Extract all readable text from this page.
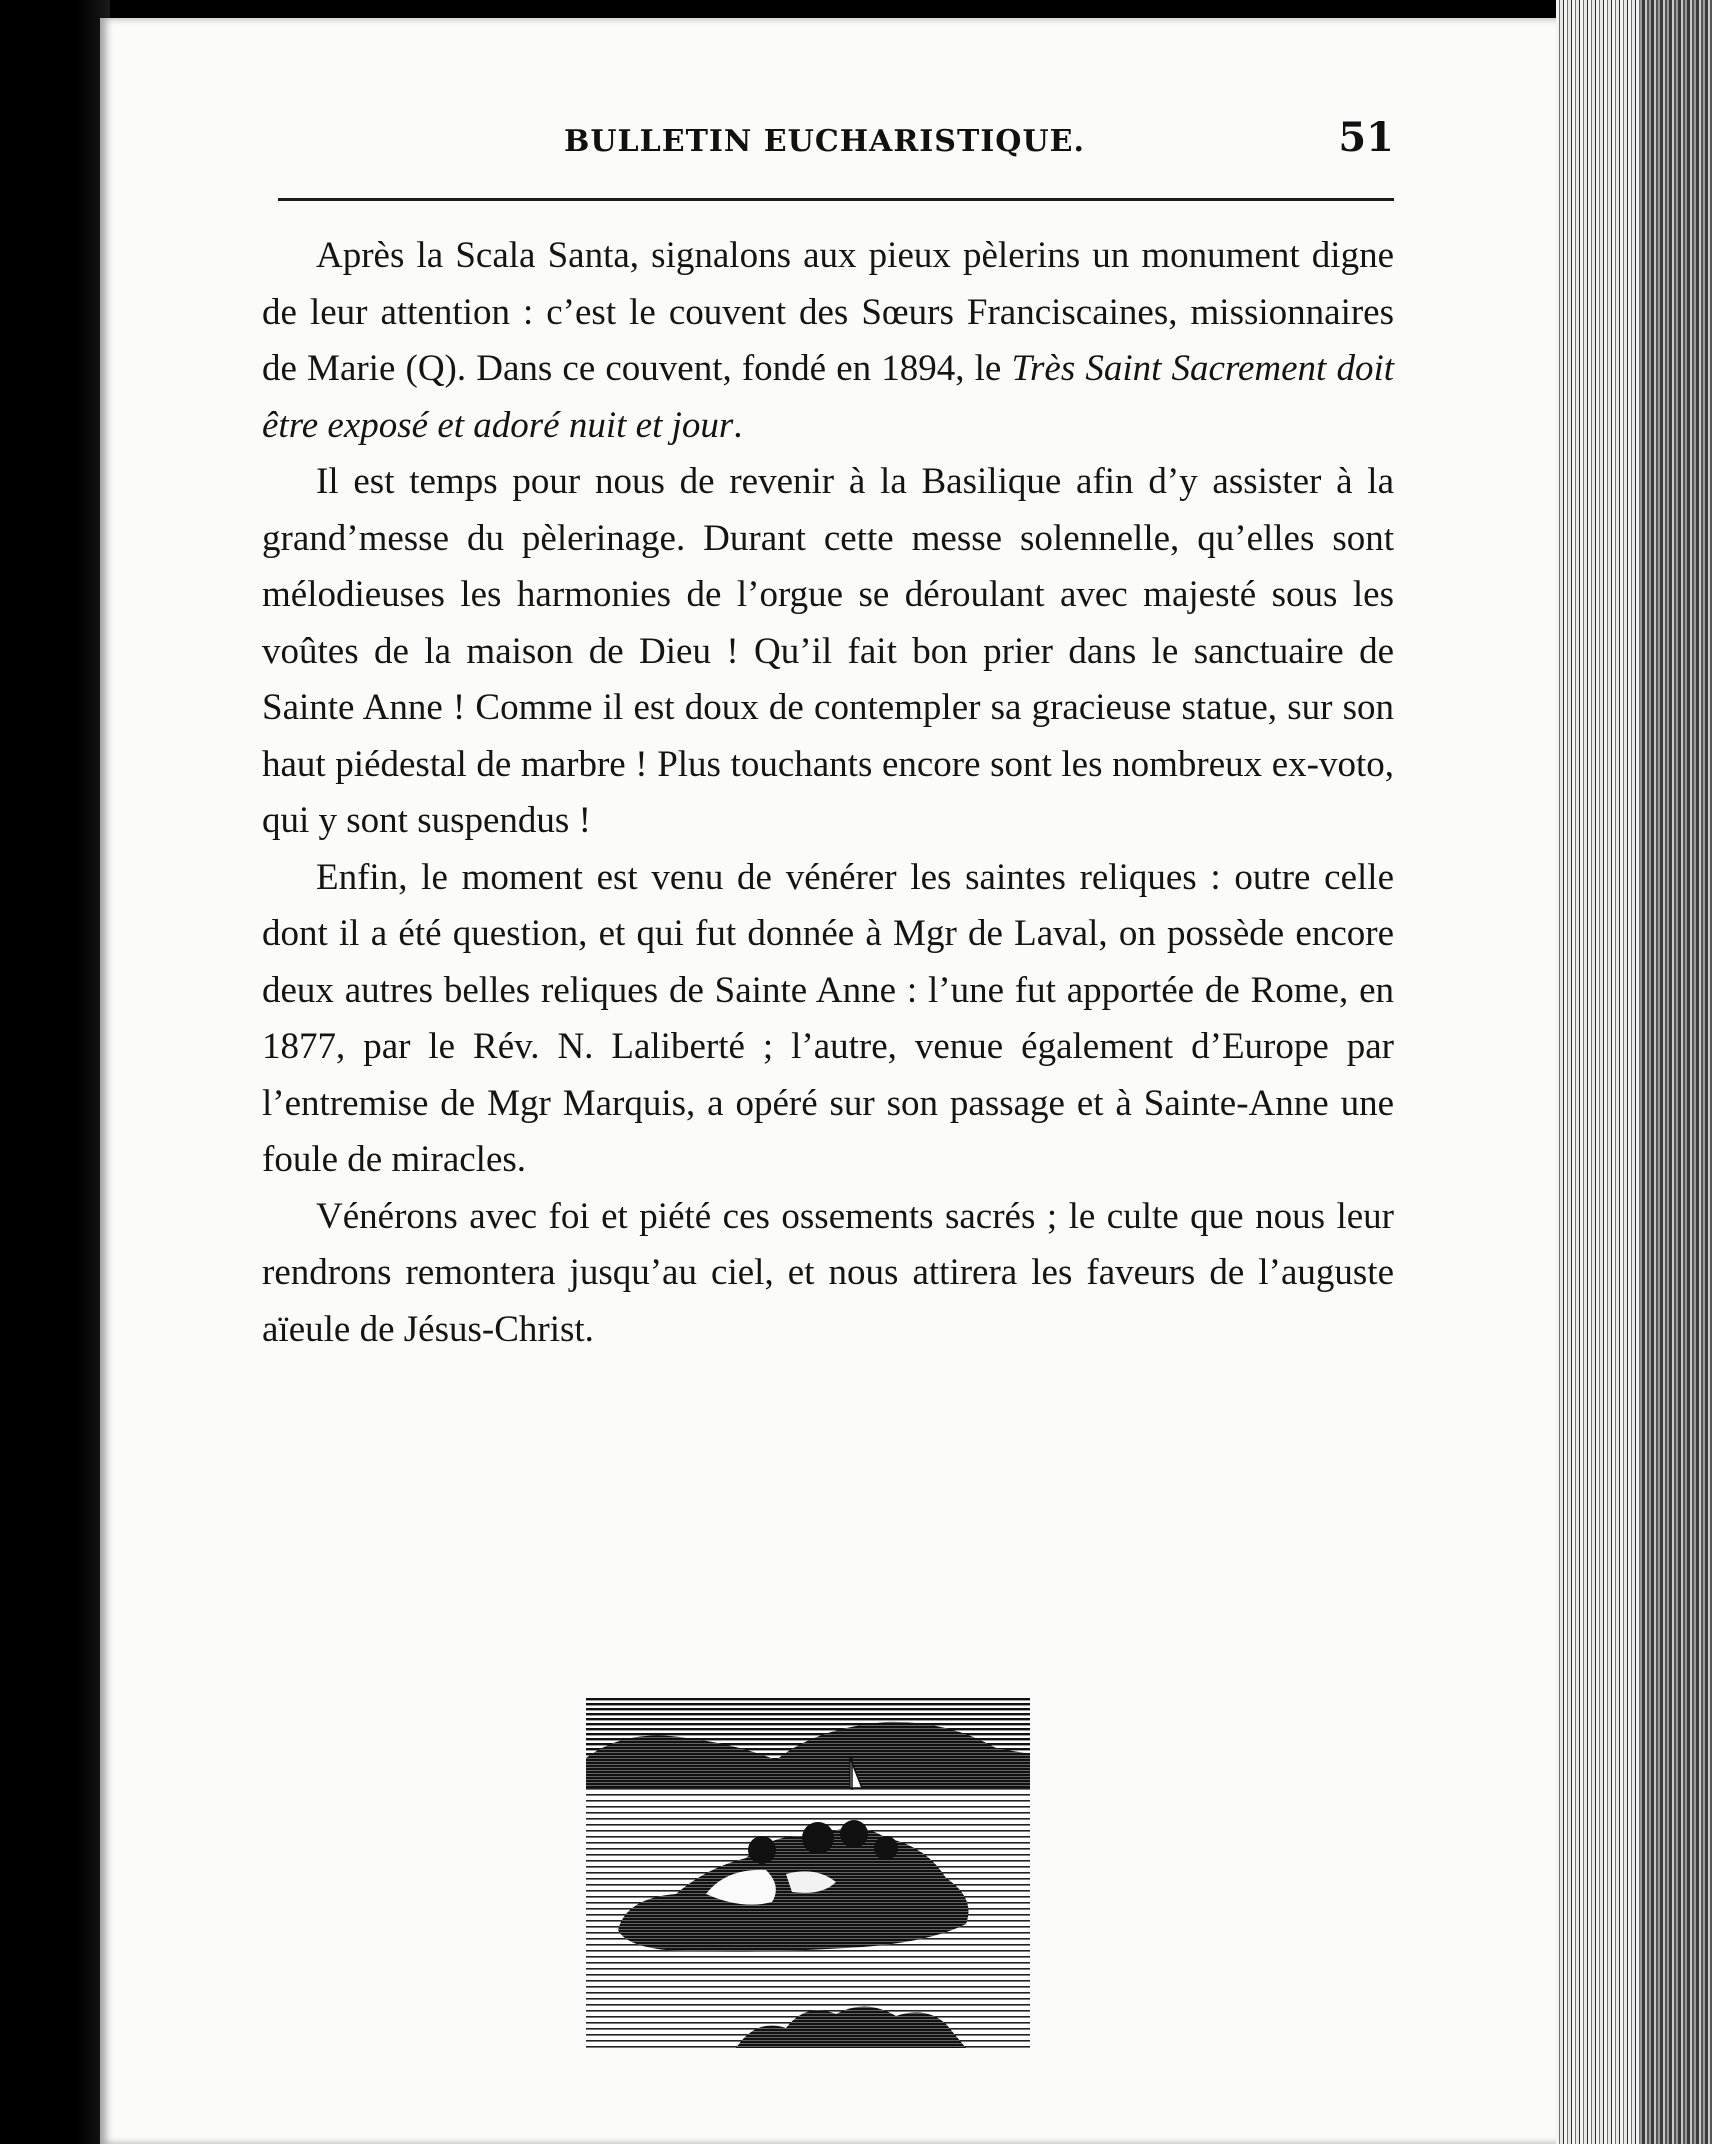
BULLETIN EUCHARISTIQUE.	51

Après la Scala Santa, signalons aux pieux pèlerins un monument digne de leur attention : c’est le couvent des Sœurs Franciscaines, missionnaires de Marie (Q). Dans ce couvent, fondé en 1894, le Très Saint Sacrement doit être exposé et adoré nuit et jour.

Il est temps pour nous de revenir à la Basilique afin d’y assister à la grand’messe du pèlerinage. Durant cette messe solennelle, qu’elles sont mélodieuses les harmonies de l’orgue se déroulant avec majesté sous les voûtes de la maison de Dieu ! Qu’il fait bon prier dans le sanctuaire de Sainte Anne ! Comme il est doux de contempler sa gracieuse statue, sur son haut piédestal de marbre ! Plus touchants encore sont les nombreux ex-voto, qui y sont suspendus !

Enfin, le moment est venu de vénérer les saintes reliques : outre celle dont il a été question, et qui fut donnée à Mgr de Laval, on possède encore deux autres belles reliques de Sainte Anne : l’une fut apportée de Rome, en 1877, par le Rév. N. Laliberté ; l’autre, venue également d’Europe par l’entremise de Mgr Marquis, a opéré sur son passage et à Sainte-Anne une foule de miracles.

Vénérons avec foi et piété ces ossements sacrés ; le culte que nous leur rendrons remontera jusqu’au ciel, et nous attirera les faveurs de l’auguste aïeule de Jésus-Christ.
